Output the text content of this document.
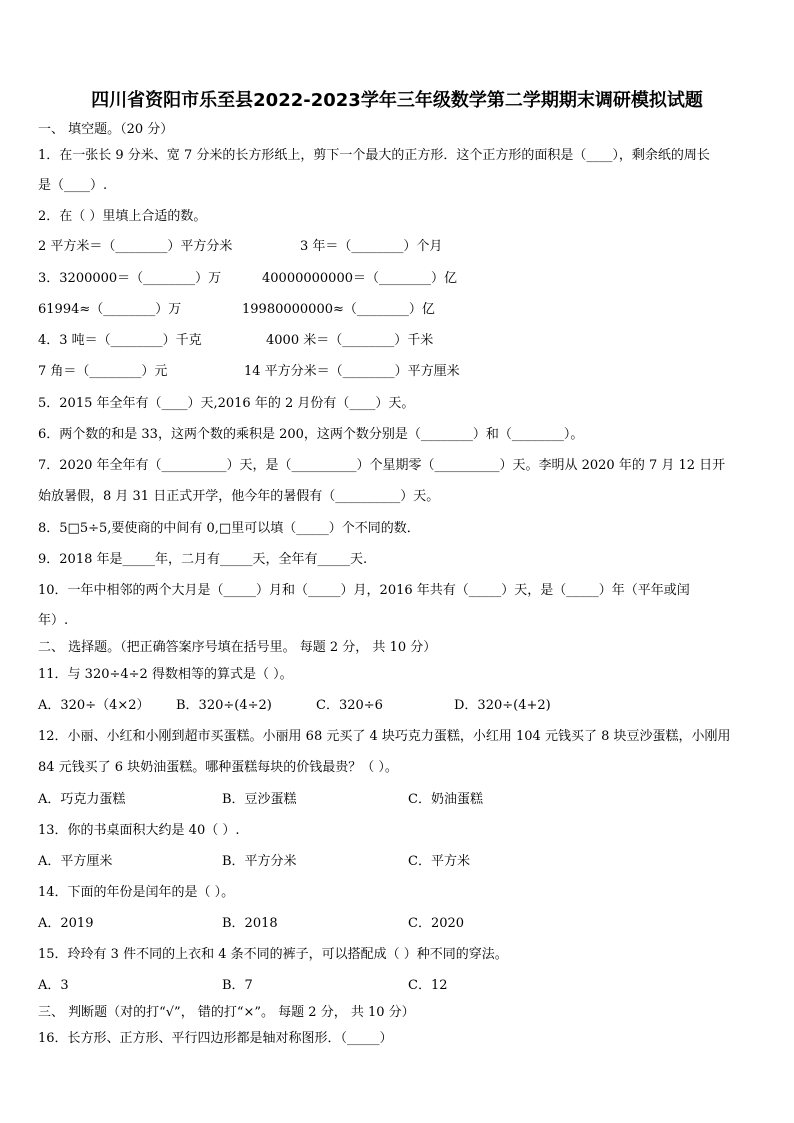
四川省资阳市乐至县2022-2023学年三年级数学第二学期期末调研模拟试题
一、 填空题。（20 分）
1．在一张长 9 分米、宽 7 分米的长方形纸上，剪下一个最大的正方形．这个正方形的面积是（____），剩余纸的周长
是（____）.
2．在（ ）里填上合适的数。
2 平方米＝（________）平方分米	3 年＝（________）个月
3．3200000＝（________）万	40000000000＝（________）亿
61994≈（________）万	19980000000≈（________）亿
4．3 吨＝（________）千克	4000 米＝（________）千米
7 角＝（________）元	14 平方分米＝（________）平方厘米
5．2015 年全年有（____）天,2016 年的 2 月份有（____）天。
6．两个数的和是 33，这两个数的乘积是 200，这两个数分别是（________）和（________）。
7．2020 年全年有（__________）天，是（__________）个星期零（__________）天。李明从 2020 年的 7 月 12 日开
始放暑假，8 月 31 日正式开学，他今年的暑假有（__________）天。
8．5□5÷5,要使商的中间有 0,□里可以填（_____）个不同的数．
9．2018 年是_____年，二月有_____天，全年有_____天.
10．一年中相邻的两个大月是（_____）月和（_____）月，2016 年共有（_____）天，是（_____）年（平年或闰
年）.
二、 选择题。（把正确答案序号填在括号里。 每题 2 分， 共 10 分）
11．与 320÷4÷2 得数相等的算式是（ ）。
A．320÷（4×2） B．320÷(4÷2)	C．320÷6	D．320÷(4+2)
12．小丽、小红和小刚到超市买蛋糕。小丽用 68 元买了 4 块巧克力蛋糕，小红用 104 元钱买了 8 块豆沙蛋糕，小刚用
84 元钱买了 6 块奶油蛋糕。哪种蛋糕每块的价钱最贵？（ ）。
A．巧克力蛋糕	B．豆沙蛋糕	C．奶油蛋糕
13．你的书桌面积大约是 40（ ）.
A．平方厘米	B．平方分米	C．平方米
14．下面的年份是闰年的是（ ）。
A．2019	B．2018	C．2020
15．玲玲有 3 件不同的上衣和 4 条不同的裤子，可以搭配成（ ）种不同的穿法。
A．3	B．7	C．12
三、 判断题（对的打“√”， 错的打“×”。 每题 2 分， 共 10 分）
16．长方形、正方形、平行四边形都是轴对称图形．（_____）
